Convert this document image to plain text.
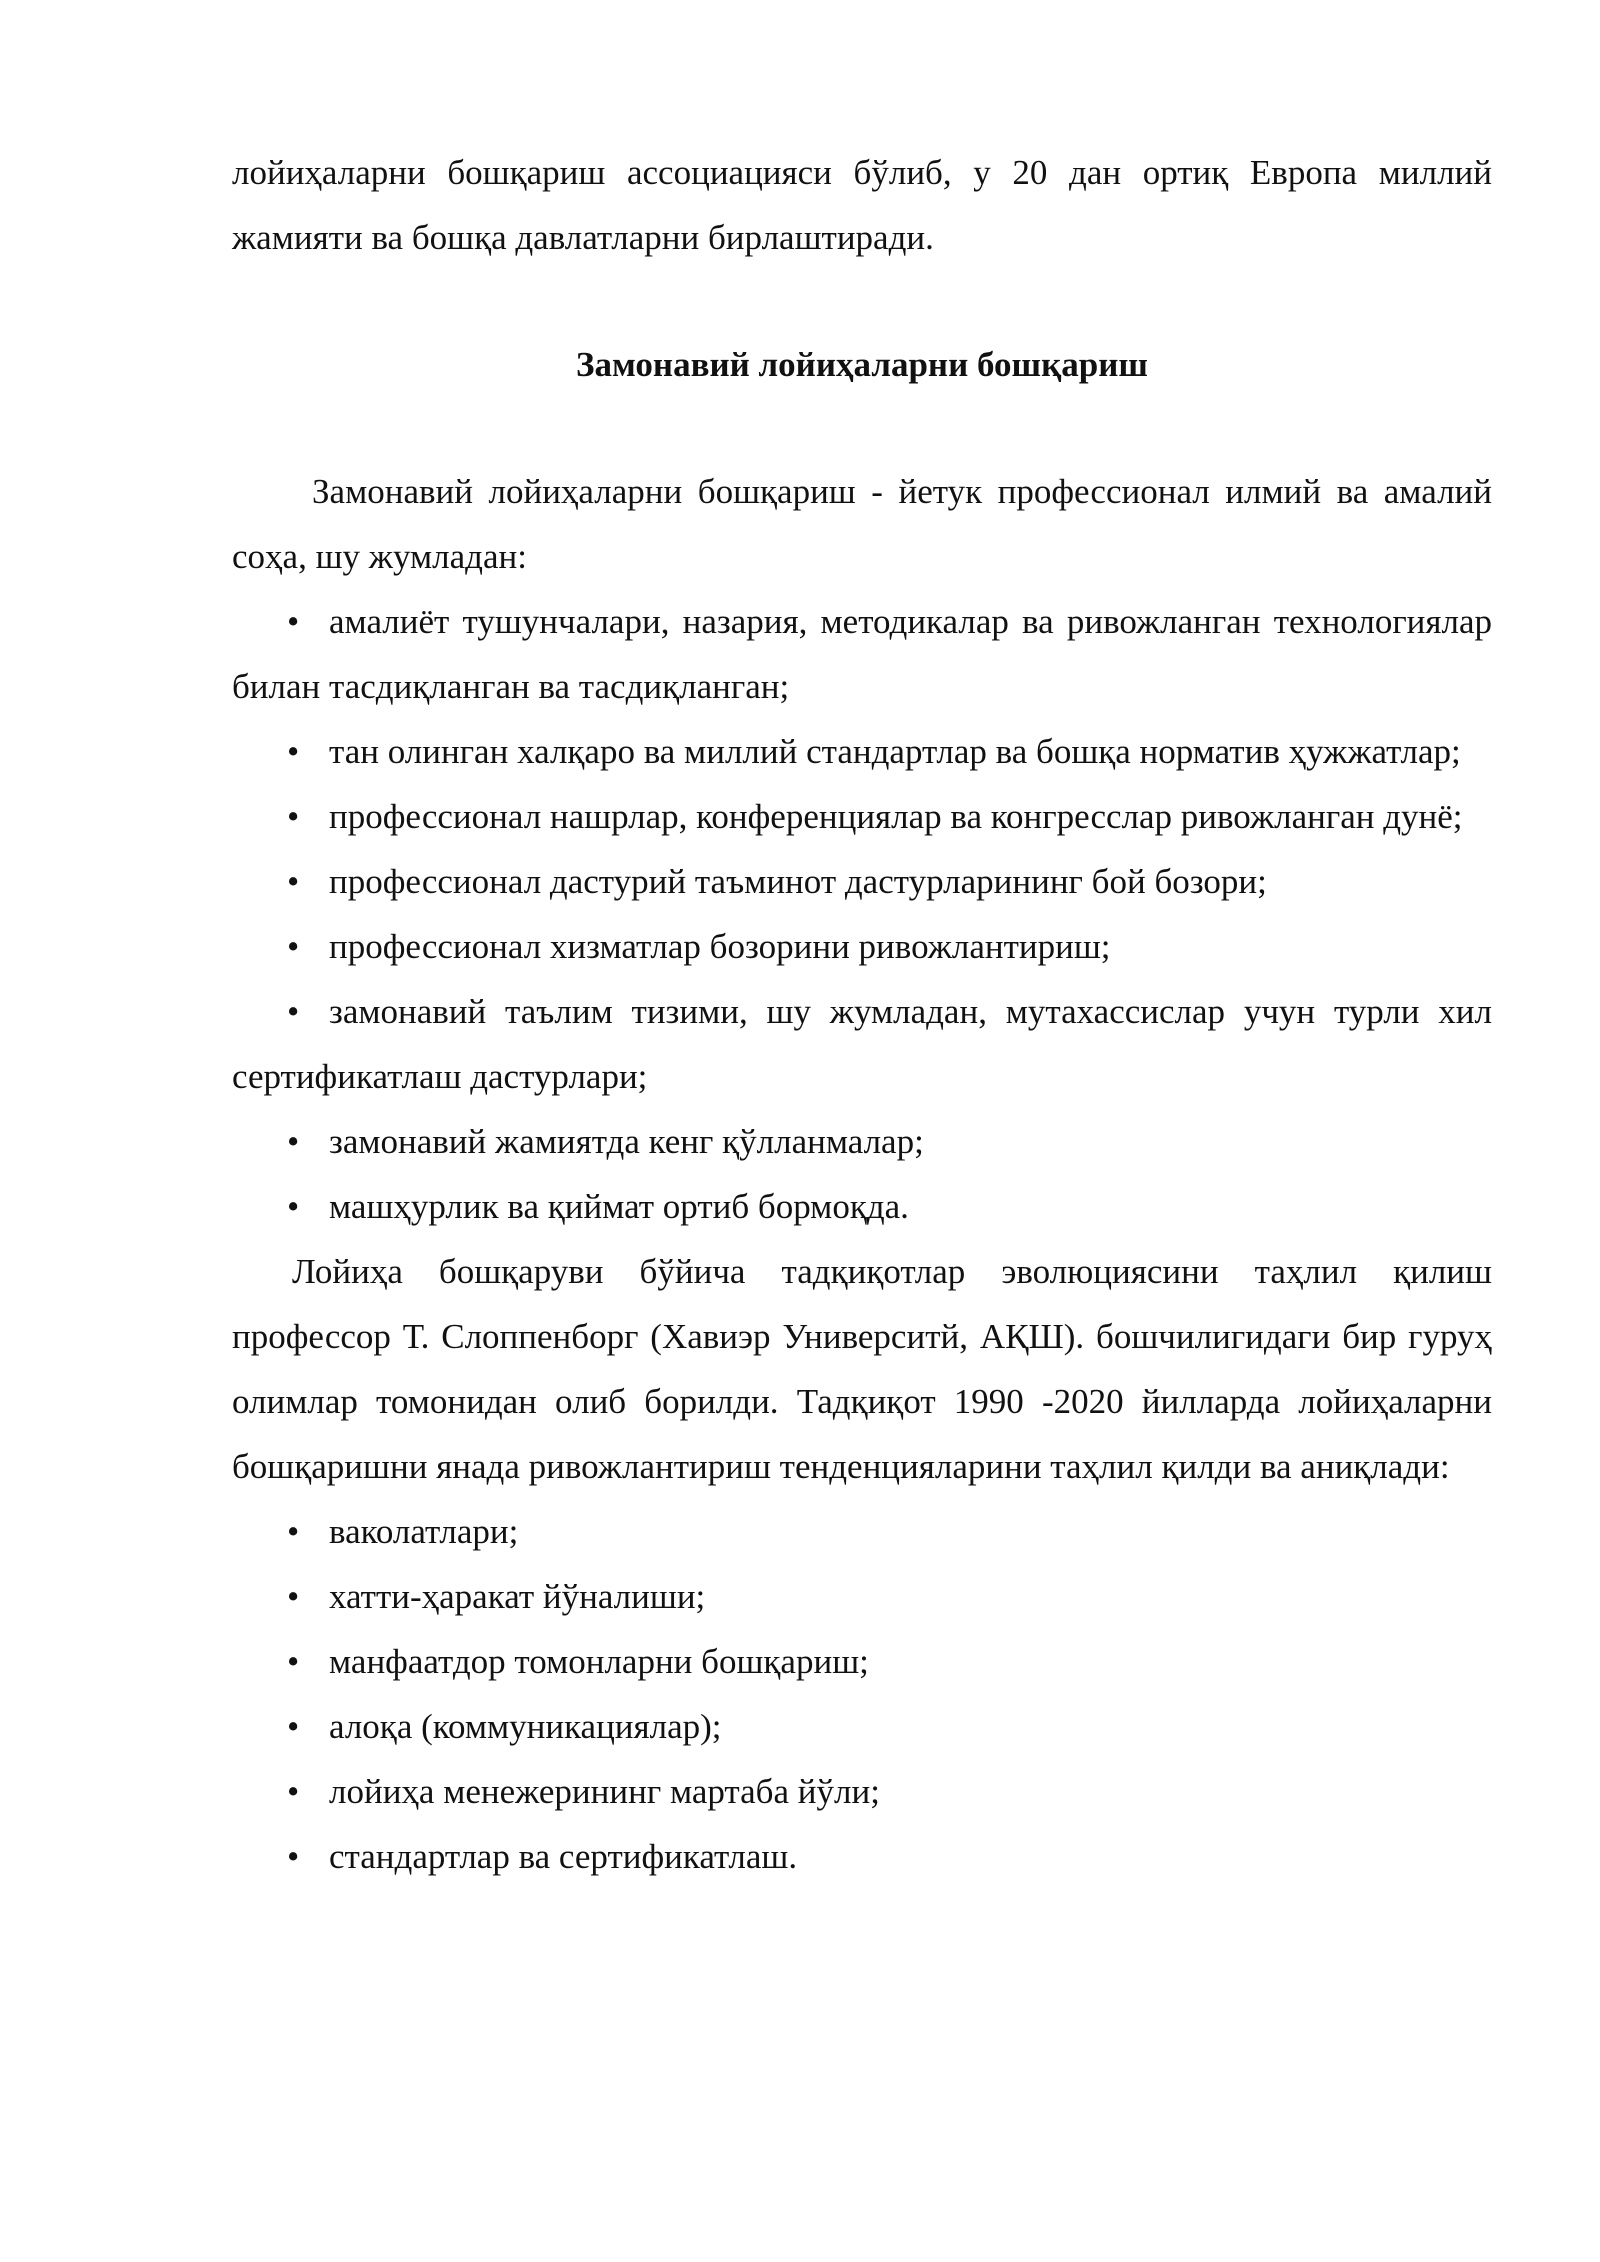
лойиҳаларни бошқариш ассоциацияси бўлиб, у 20 дан ортиқ Европа миллий жамияти ва бошқа давлатларни бирлаштиради.

Замонавий лойиҳаларни бошқариш

Замонавий лойиҳаларни бошқариш - йетук профессионал илмий ва амалий соҳа, шу жумладан:

• амалиёт тушунчалари, назария, методикалар ва ривожланган технологиялар билан тасдиқланган ва тасдиқланган;
• тан олинган халқаро ва миллий стандартлар ва бошқа норматив ҳужжатлар;
• профессионал нашрлар, конференциялар ва конгресслар ривожланган дунё;
• профессионал дастурий таъминот дастурларининг бой бозори;
• профессионал хизматлар бозорини ривожлантириш;
• замонавий таълим тизими, шу жумладан, мутахассислар учун турли хил сертификатлаш дастурлари;
• замонавий жамиятда кенг қўлланмалар;
• машҳурлик ва қиймат ортиб бормоқда.

Лойиҳа бошқаруви бўйича тадқиқотлар эволюциясини таҳлил қилиш профессор Т. Слоппенборг (Хавиэр Университй, АҚШ). бошчилигидаги бир гуруҳ олимлар томонидан олиб борилди. Тадқиқот 1990 -2020 йилларда лойиҳаларни бошқаришни янада ривожлантириш тенденцияларини таҳлил қилди ва аниқлади:

• ваколатлари;
• хатти-ҳаракат йўналиши;
• манфаатдор томонларни бошқариш;
• алоқа (коммуникациялар);
• лойиҳа менежерининг мартаба йўли;
• стандартлар ва сертификатлаш.
